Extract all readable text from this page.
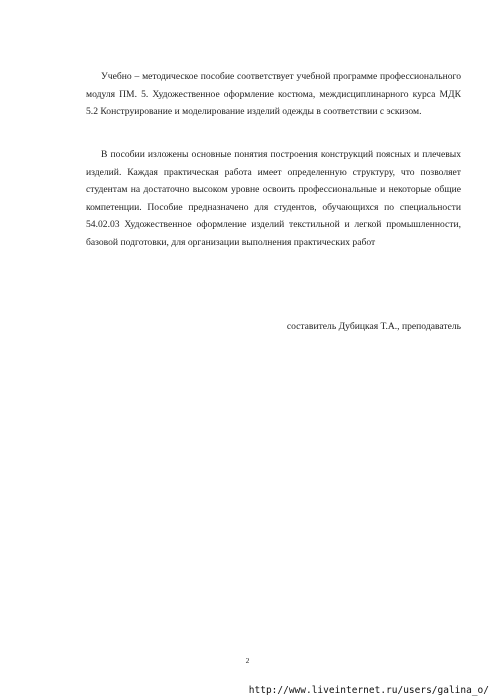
Учебно – методическое пособие соответствует учебной программе профессионального модуля ПМ. 5. Художественное оформление костюма, междисциплинарного курса МДК 5.2 Конструирование и моделирование изделий одежды в соответствии с эскизом.

В пособии изложены основные понятия построения конструкций поясных и плечевых изделий. Каждая практическая работа имеет определенную структуру, что позволяет студентам на достаточно высоком уровне освоить профессиональные и некоторые общие компетенции. Пособие предназначено для студентов, обучающихся по специальности 54.02.03 Художественное оформление изделий текстильной и легкой промышленности, базовой подготовки, для организации выполнения практических работ

составитель Дубицкая Т.А., преподаватель
2
http://www.liveinternet.ru/users/galina_o/
